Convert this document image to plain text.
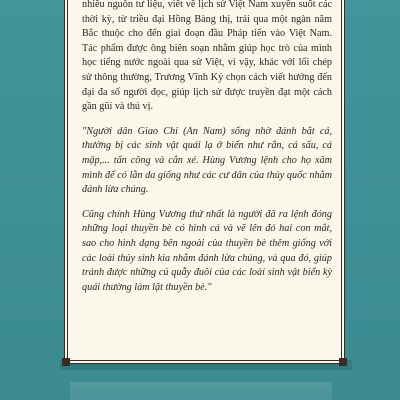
nhiều nguồn tư liệu, viết về lịch sử Việt Nam xuyên suốt các thời kỳ, từ triều đại Hồng Bàng thị, trải qua một ngàn năm Bắc thuộc cho đến giai đoạn đầu Pháp tiến vào Việt Nam. Tác phẩm được ông biên soạn nhằm giúp học trò của mình học tiếng nước ngoài qua sử Việt, vì vậy, khác với lối chép sử thông thường, Trương Vĩnh Ký chọn cách viết hướng đến đại đa số người đọc, giúp lịch sử được truyền đạt một cách gần gũi và thú vị.

"Người dân Giao Chỉ (An Nam) sống nhờ đánh bắt cá, thường bị các sinh vật quái lạ ở biển như rắn, cá sấu, cá mập,... tấn công và cắn xé. Hùng Vương lệnh cho họ xăm mình để có lằn da giống như các cư dân của thủy quốc nhằm đánh lừa chúng.

Cũng chính Hùng Vương thứ nhất là người đã ra lệnh đóng những loại thuyền bè có hình cá và vẽ lên đó hai con mắt, sao cho hình dạng bên ngoài của thuyền bè thêm giống với các loài thủy sinh kia nhằm đánh lừa chúng, và qua đó, giúp tránh được những cú quẫy đuôi của các loài sinh vật biển kỳ quái thường làm lật thuyền bè."
